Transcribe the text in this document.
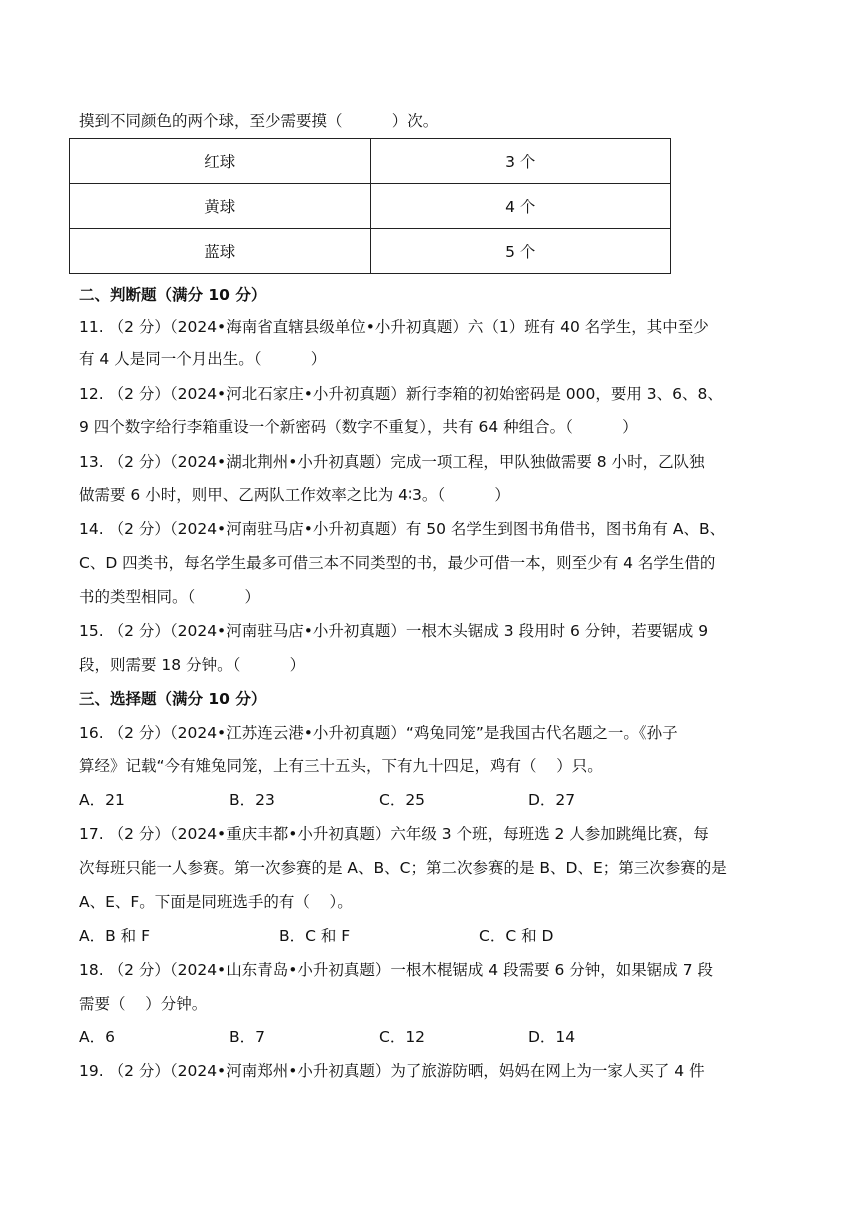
摸到不同颜色的两个球，至少需要摸（          ）次。
红球	3 个
黄球	4 个
蓝球	5 个
二、判断题（满分 10 分）
11. （2 分）（2024•海南省直辖县级单位•小升初真题）六（1）班有 40 名学生，其中至少
有 4 人是同一个月出生。（          ）
12. （2 分）（2024•河北石家庄•小升初真题）新行李箱的初始密码是 000，要用 3、6、8、
9 四个数字给行李箱重设一个新密码（数字不重复），共有 64 种组合。（          ）
13. （2 分）（2024•湖北荆州•小升初真题）完成一项工程，甲队独做需要 8 小时，乙队独
做需要 6 小时，则甲、乙两队工作效率之比为 4∶3。（          ）
14. （2 分）（2024•河南驻马店•小升初真题）有 50 名学生到图书角借书，图书角有 A、B、
C、D 四类书，每名学生最多可借三本不同类型的书，最少可借一本，则至少有 4 名学生借的
书的类型相同。（          ）
15. （2 分）（2024•河南驻马店•小升初真题）一根木头锯成 3 段用时 6 分钟，若要锯成 9
段，则需要 18 分钟。（          ）
三、选择题（满分 10 分）
16. （2 分）（2024•江苏连云港•小升初真题）“鸡兔同笼”是我国古代名题之一。《孙子
算经》记载“今有雉兔同笼，上有三十五头，下有九十四足，鸡有（    ）只。
A．21	B．23	C．25	D．27
17. （2 分）（2024•重庆丰都•小升初真题）六年级 3 个班，每班选 2 人参加跳绳比赛，每
次每班只能一人参赛。第一次参赛的是 A、B、C；第二次参赛的是 B、D、E；第三次参赛的是
A、E、F。下面是同班选手的有（    ）。
A．B 和 F	B．C 和 F	C．C 和 D
18. （2 分）（2024•山东青岛•小升初真题）一根木棍锯成 4 段需要 6 分钟，如果锯成 7 段
需要（    ）分钟。
A．6	B．7	C．12	D．14
19. （2 分）（2024•河南郑州•小升初真题）为了旅游防晒，妈妈在网上为一家人买了 4 件
